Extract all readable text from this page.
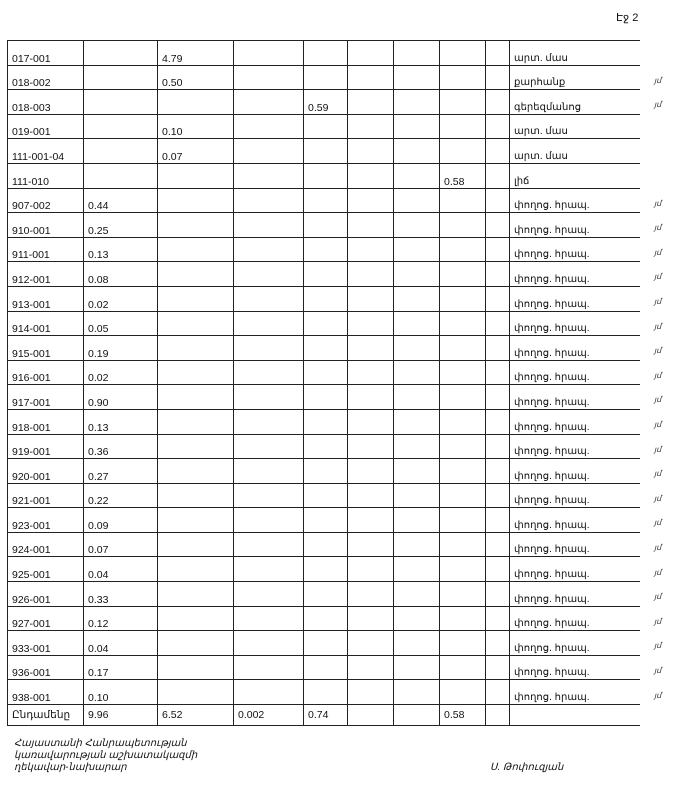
Էջ 2
017-001		4.79							արտ. մաս
018-002		0.50							քարհանք
018-003				0.59					գերեզմանոց
019-001		0.10							արտ. մաս
111-001-04		0.07							արտ. մաս
111-010							0.58		լիճ
907-002	0.44								փողոց. հրապ.
910-001	0.25								փողոց. հրապ.
911-001	0.13								փողոց. հրապ.
912-001	0.08								փողոց. հրապ.
913-001	0.02								փողոց. հրապ.
914-001	0.05								փողոց. հրապ.
915-001	0.19								փողոց. հրապ.
916-001	0.02								փողոց. հրապ.
917-001	0.90								փողոց. հրապ.
918-001	0.13								փողոց. հրապ.
919-001	0.36								փողոց. հրապ.
920-001	0.27								փողոց. հրապ.
921-001	0.22								փողոց. հրապ.
923-001	0.09								փողոց. հրապ.
924-001	0.07								փողոց. հրապ.
925-001	0.04								փողոց. հրապ.
926-001	0.33								փողոց. հրապ.
927-001	0.12								փողոց. հրապ.
933-001	0.04								փողոց. հրապ.
936-001	0.17								փողոց. հրապ.
938-001	0.10								փողոց. հրապ.
Ընդամենը	9.96	6.52	0.002	0.74			0.58		
յմ
յմ
յմ
յմ
յմ
յմ
յմ
յմ
յմ
յմ
յմ
յմ
յմ
յմ
յմ
յմ
յմ
յմ
յմ
յմ
յմ
յմ
յմ
Հայաստանի Հանրապետության
կառավարության աշխատակազմի
ղեկավար-նախարար	Ս. Թոփուզյան
